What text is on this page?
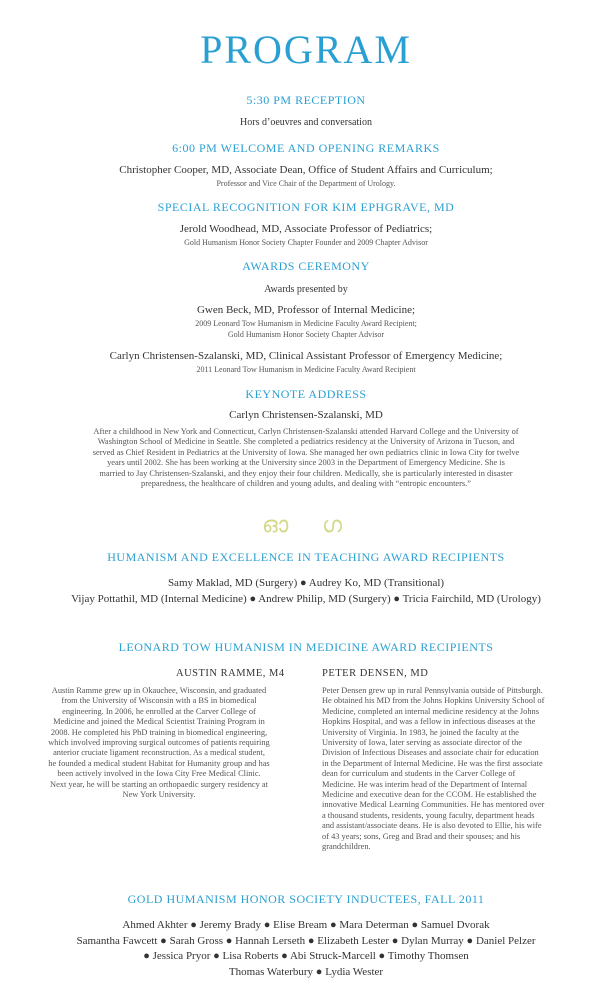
PROGRAM
5:30 PM RECEPTION

Hors d’oeuvres and conversation

6:00 PM WELCOME AND OPENING REMARKS

Christopher Cooper, MD, Associate Dean, Office of Student Affairs and Curriculum;

Professor and Vice Chair of the Department of Urology.

SPECIAL RECOGNITION FOR KIM EPHGRAVE, MD

Jerold Woodhead, MD, Associate Professor of Pediatrics;

Gold Humanism Honor Society Chapter Founder and 2009 Chapter Advisor

AWARDS CEREMONY

Awards presented by

Gwen Beck, MD, Professor of Internal Medicine;

2009 Leonard Tow Humanism in Medicine Faculty Award Recipient;

Gold Humanism Honor Society Chapter Advisor

Carlyn Christensen-Szalanski, MD, Clinical Assistant Professor of Emergency Medicine;

2011 Leonard Tow Humanism in Medicine Faculty Award Recipient

KEYNOTE ADDRESS

Carlyn Christensen-Szalanski, MD

After a childhood in New York and Connecticut, Carlyn Christensen-Szalanski attended Harvard College and the University of
Washington School of Medicine in Seattle. She completed a pediatrics residency at the University of Arizona in Tucson, and
served as Chief Resident in Pediatrics at the University of Iowa. She managed her own pediatrics clinic in Iowa City for twelve
years until 2002. She has been working at the University since 2003 in the Department of Emergency Medicine. She is
married to Jay Christensen-Szalanski, and they enjoy their four children. Medically, she is particularly interested in disaster
preparedness, the healthcare of children and young adults, and dealing with “entropic encounters.”
ഓ ഗ
HUMANISM AND EXCELLENCE IN TEACHING AWARD RECIPIENTS

Samy Maklad, MD (Surgery) ● Audrey Ko, MD (Transitional)

Vijay Pottathil, MD (Internal Medicine) ● Andrew Philip, MD (Surgery) ● Tricia Fairchild, MD (Urology)

LEONARD TOW HUMANISM IN MEDICINE AWARD RECIPIENTS
AUSTIN RAMME, M4
Austin Ramme grew up in Okauchee, Wisconsin, and graduated
from the University of Wisconsin with a BS in biomedical
engineering. In 2006, he enrolled at the Carver College of
Medicine and joined the Medical Scientist Training Program in
2008. He completed his PhD training in biomedical engineering,
which involved improving surgical outcomes of patients requiring
anterior cruciate ligament reconstruction. As a medical student,
he founded a medical student Habitat for Humanity group and has
been actively involved in the Iowa City Free Medical Clinic.
Next year, he will be starting an orthopaedic surgery residency at
New York University.
PETER DENSEN, MD
Peter Densen grew up in rural Pennsylvania outside of Pittsburgh.
He obtained his MD from the Johns Hopkins University School of
Medicine, completed an internal medicine residency at the Johns
Hopkins Hospital, and was a fellow in infectious diseases at the
University of Virginia. In 1983, he joined the faculty at the
University of Iowa, later serving as associate director of the
Division of Infectious Diseases and associate chair for education
in the Department of Internal Medicine. He was the first associate
dean for curriculum and students in the Carver College of
Medicine. He was interim head of the Department of Internal
Medicine and executive dean for the CCOM. He established the
innovative Medical Learning Communities. He has mentored over
a thousand students, residents, young faculty, department heads
and assistant/associate deans. He is also devoted to Ellie, his wife
of 43 years; sons, Greg and Brad and their spouses; and his
grandchildren.
GOLD HUMANISM HONOR SOCIETY INDUCTEES, FALL 2011
Ahmed Akhter ● Jeremy Brady ● Elise Bream ● Mara Determan ● Samuel Dvorak
Samantha Fawcett ● Sarah Gross ● Hannah Lerseth ● Elizabeth Lester ● Dylan Murray ● Daniel Pelzer
● Jessica Pryor ● Lisa Roberts ● Abi Struck-Marcell ● Timothy Thomsen
Thomas Waterbury ● Lydia Wester
